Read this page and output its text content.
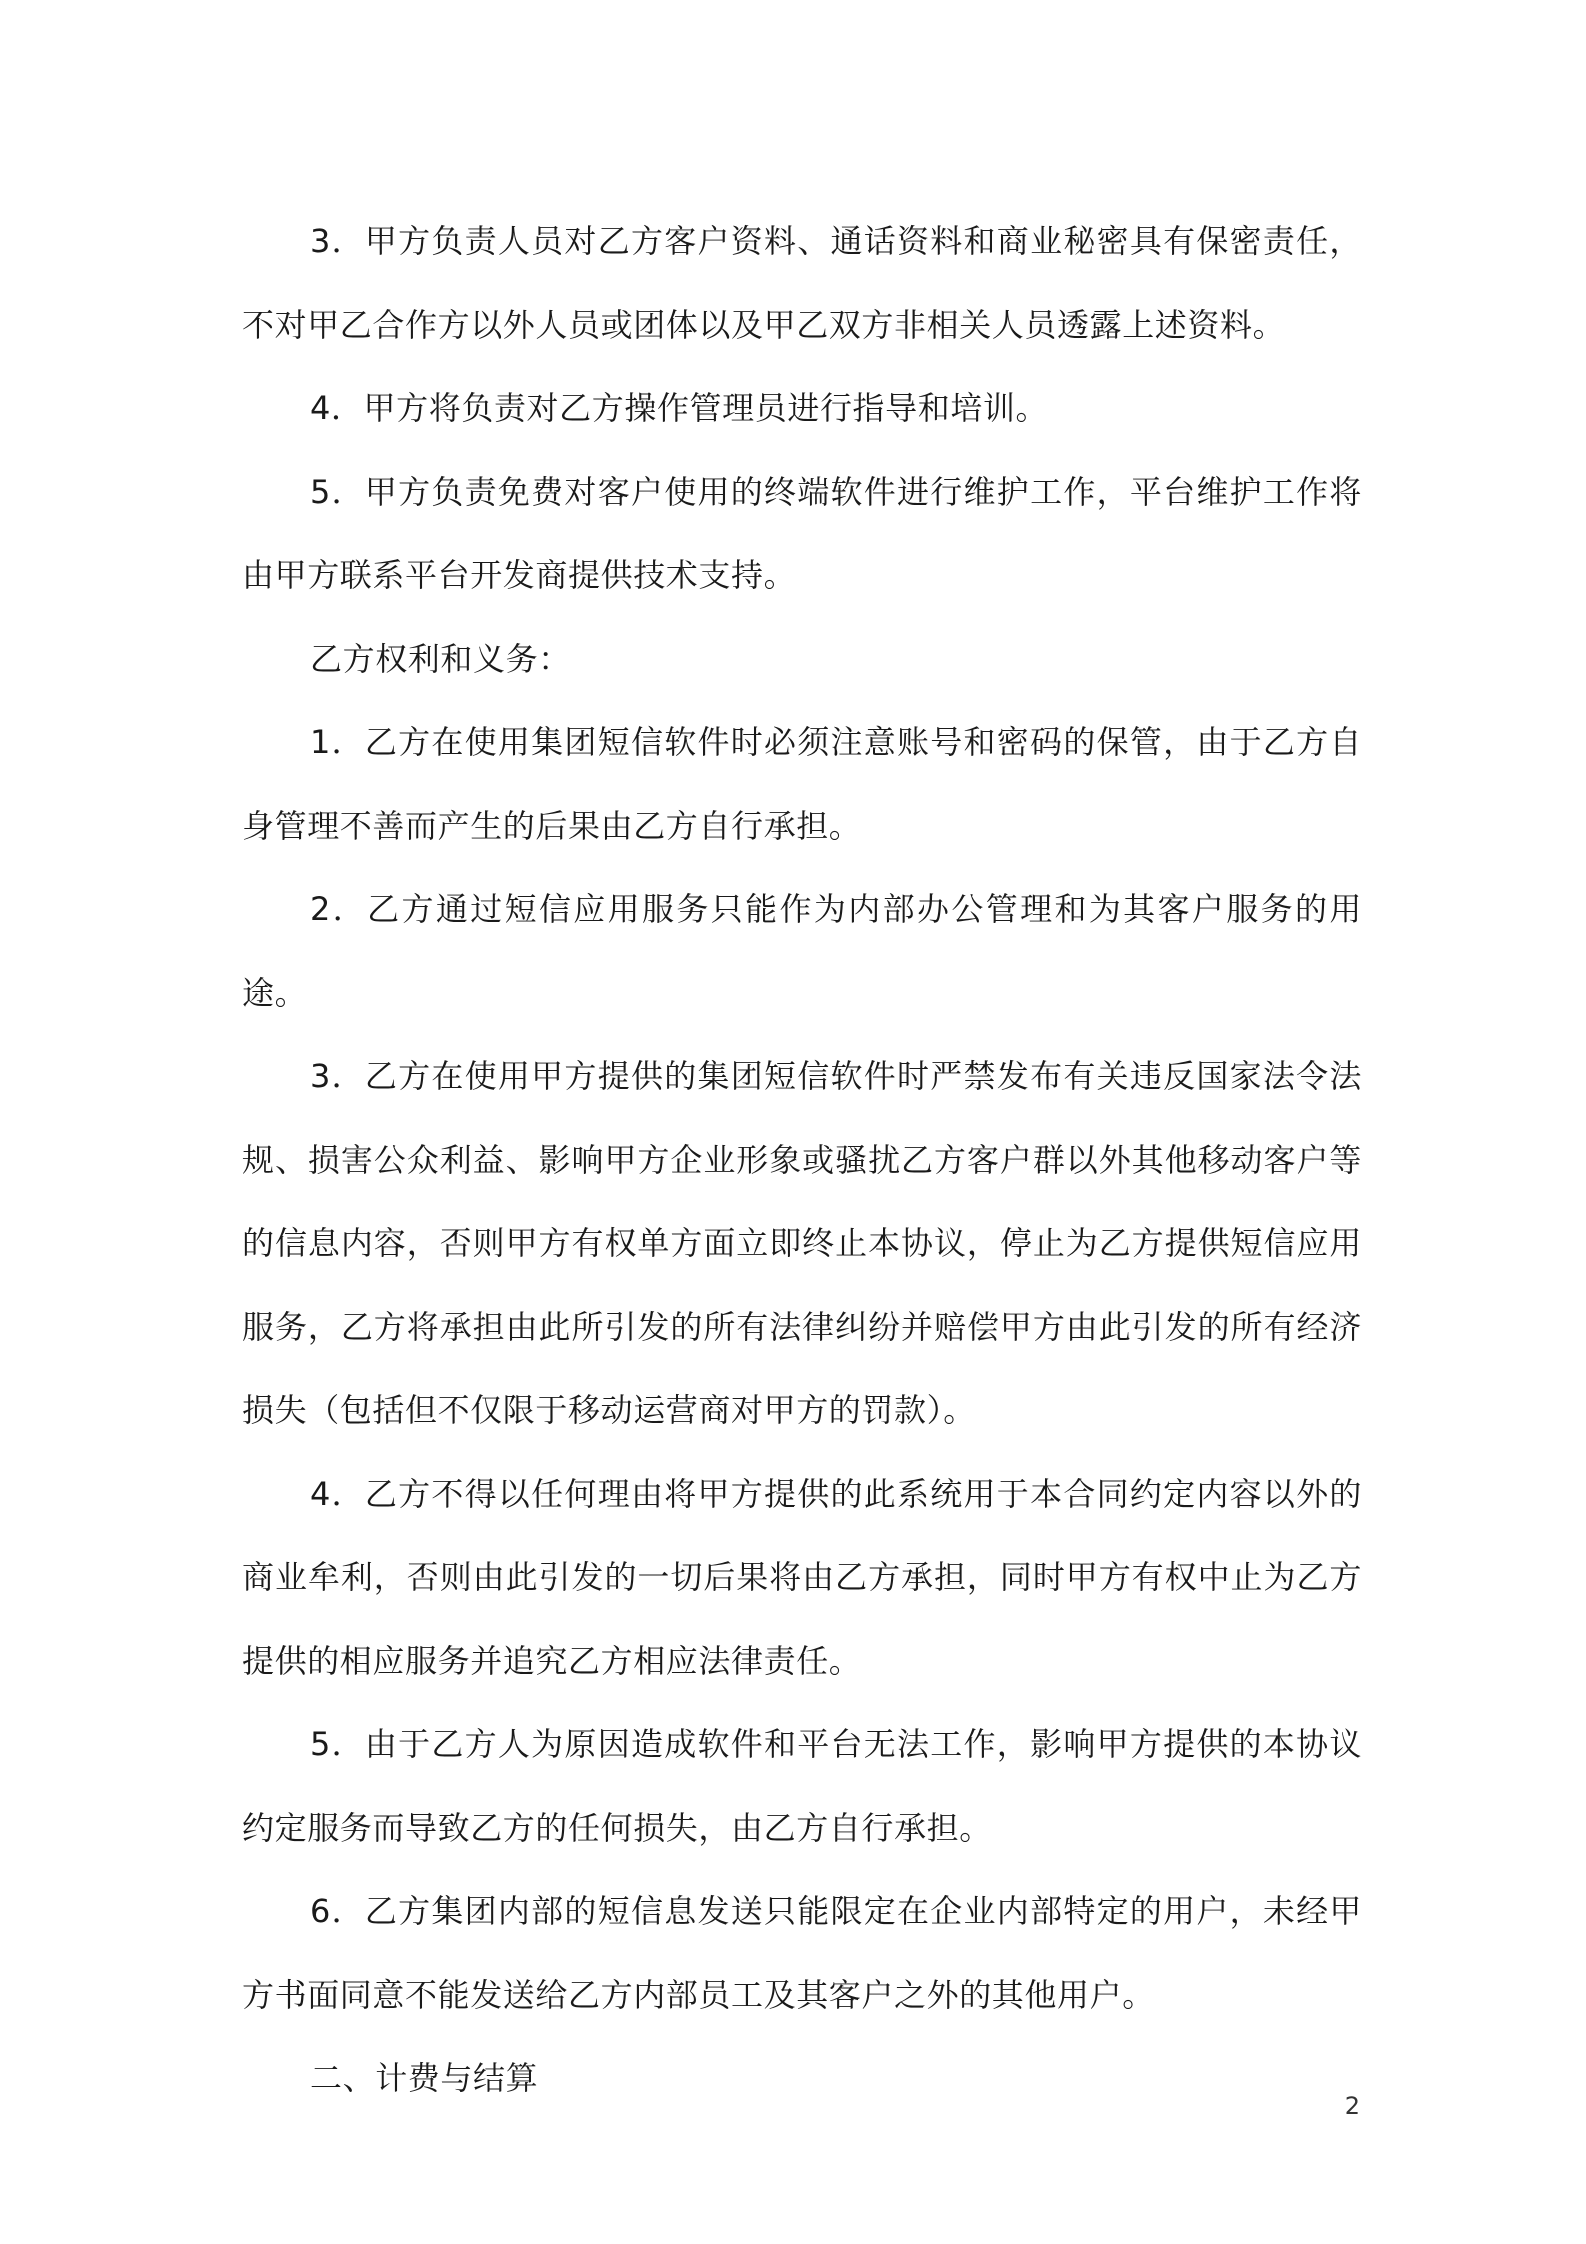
3．甲方负责人员对乙方客户资料、通话资料和商业秘密具有保密责任，不对甲乙合作方以外人员或团体以及甲乙双方非相关人员透露上述资料。

4．甲方将负责对乙方操作管理员进行指导和培训。

5．甲方负责免费对客户使用的终端软件进行维护工作，平台维护工作将由甲方联系平台开发商提供技术支持。

乙方权利和义务：

1．乙方在使用集团短信软件时必须注意账号和密码的保管，由于乙方自身管理不善而产生的后果由乙方自行承担。

2．乙方通过短信应用服务只能作为内部办公管理和为其客户服务的用途。

3．乙方在使用甲方提供的集团短信软件时严禁发布有关违反国家法令法规、损害公众利益、影响甲方企业形象或骚扰乙方客户群以外其他移动客户等的信息内容，否则甲方有权单方面立即终止本协议，停止为乙方提供短信应用服务，乙方将承担由此所引发的所有法律纠纷并赔偿甲方由此引发的所有经济损失（包括但不仅限于移动运营商对甲方的罚款）。

4．乙方不得以任何理由将甲方提供的此系统用于本合同约定内容以外的商业牟利，否则由此引发的一切后果将由乙方承担，同时甲方有权中止为乙方提供的相应服务并追究乙方相应法律责任。

5．由于乙方人为原因造成软件和平台无法工作，影响甲方提供的本协议约定服务而导致乙方的任何损失，由乙方自行承担。

6．乙方集团内部的短信息发送只能限定在企业内部特定的用户，未经甲方书面同意不能发送给乙方内部员工及其客户之外的其他用户。

二、计费与结算

2
